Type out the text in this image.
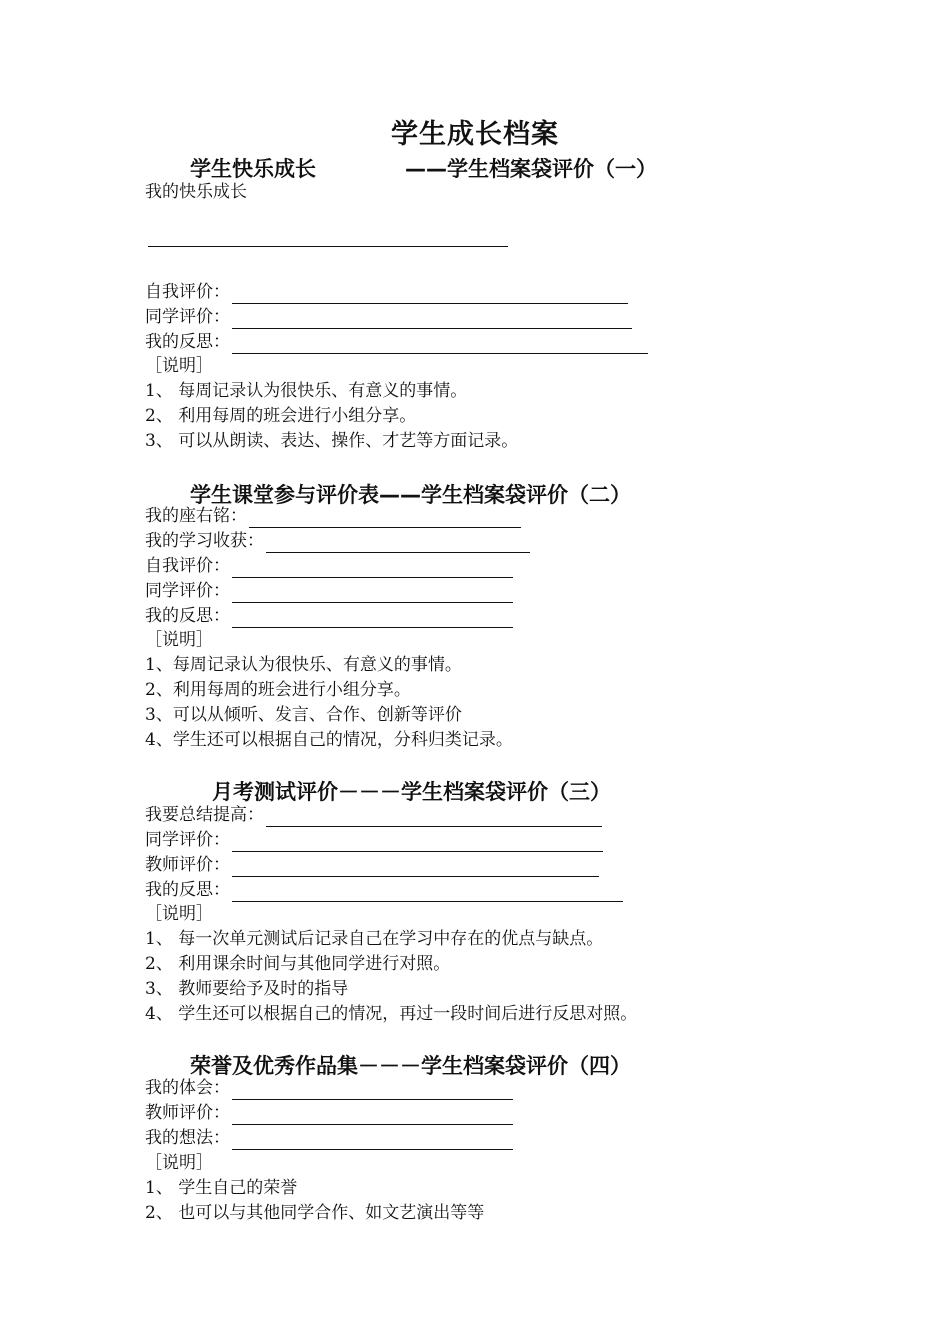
学生成长档案
学生快乐成长	——学生档案袋评价（一）
我的快乐成长
自我评价：
同学评价：
我的反思：
［说明］
1、 每周记录认为很快乐、有意义的事情。
2、 利用每周的班会进行小组分享。
3、 可以从朗读、表达、操作、才艺等方面记录。
学生课堂参与评价表——学生档案袋评价（二）
我的座右铭：
我的学习收获：
自我评价：
同学评价：
我的反思：
［说明］
1、每周记录认为很快乐、有意义的事情。
2、利用每周的班会进行小组分享。
3、可以从倾听、发言、合作、创新等评价
4、学生还可以根据自己的情况，分科归类记录。
月考测试评价－－－学生档案袋评价（三）
我要总结提高：
同学评价：
教师评价：
我的反思：
［说明］
1、 每一次单元测试后记录自己在学习中存在的优点与缺点。
2、 利用课余时间与其他同学进行对照。
3、 教师要给予及时的指导
4、 学生还可以根据自己的情况，再过一段时间后进行反思对照。
荣誉及优秀作品集－－－学生档案袋评价（四）
我的体会：
教师评价：
我的想法：
［说明］
1、 学生自己的荣誉
2、 也可以与其他同学合作、如文艺演出等等
